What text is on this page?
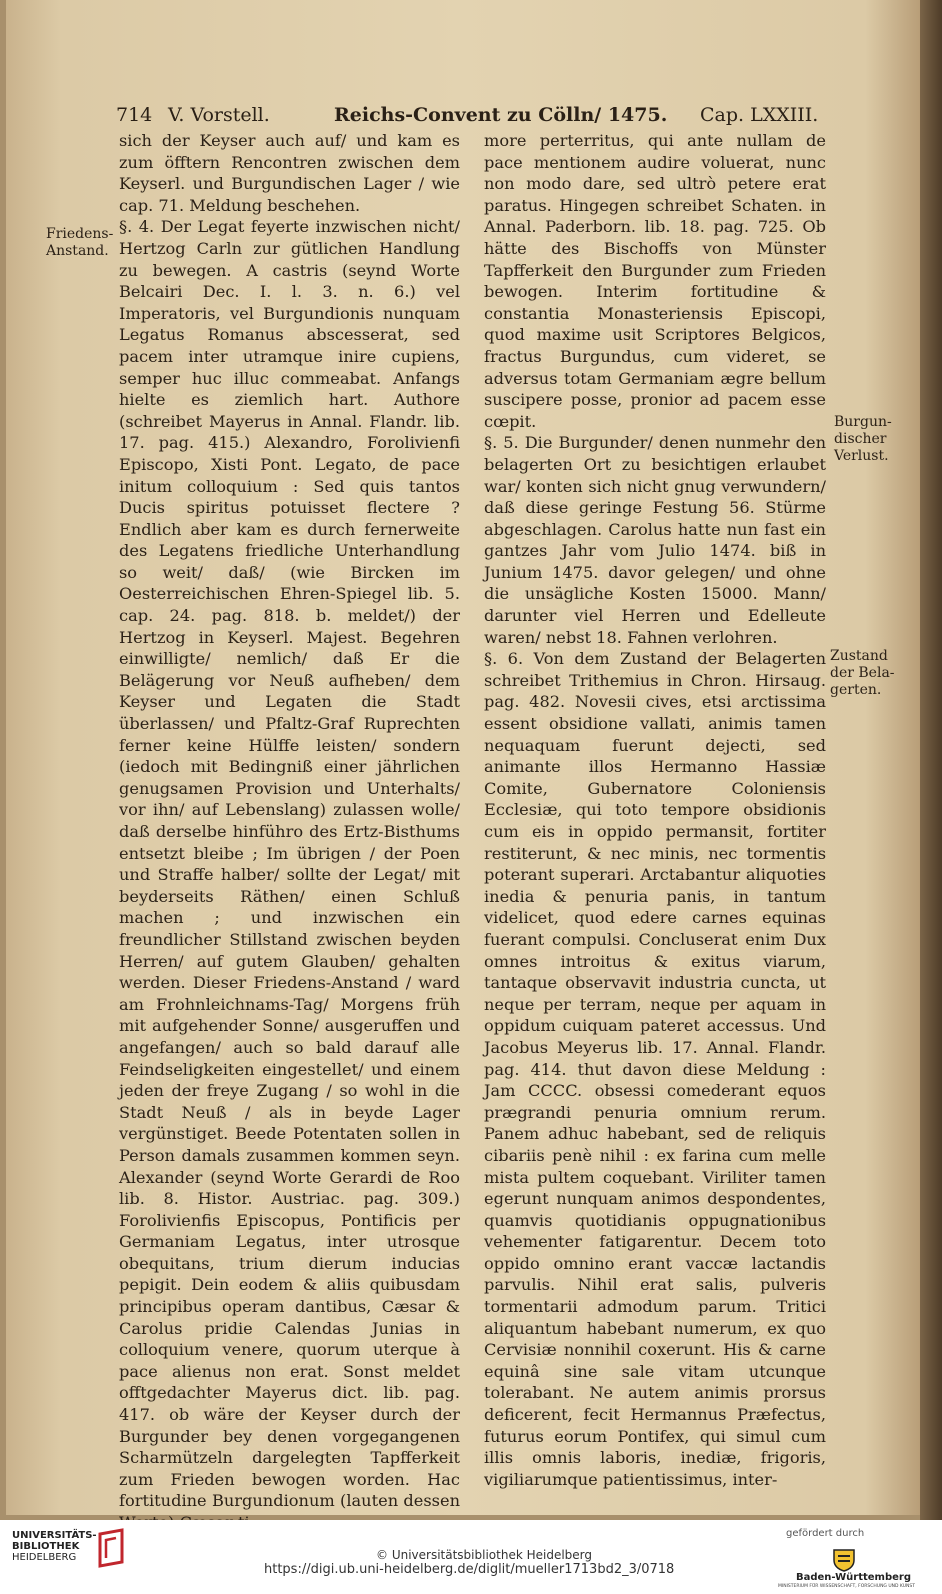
714 V. Vorstell.	Reichs-Convent zu Cölln/ 1475. Cap. LXXIII.

sich der Keyser auch auf/ und kam es zum öfftern Rencontren zwischen dem Keyserl. und Burgundischen Lager / wie cap. 71. Meldung beschehen.

§. 4. Der Legat feyerte inzwischen nicht/ Hertzog Carln zur gütlichen Handlung zu bewegen. A castris (seynd Worte Belcairi Dec. I. l. 3. n. 6.) vel Imperatoris, vel Burgundionis nunquam Legatus Romanus abscesserat, sed pacem inter utramque inire cupiens, semper huc illuc commeabat. Anfangs hielte es ziemlich hart. Authore (schreibet Mayerus in Annal. Flandr. lib. 17. pag. 415.) Alexandro, Forolivienfi Episcopo, Xisti Pont. Legato, de pace initum colloquium : Sed quis tantos Ducis spiritus potuisset flectere ? Endlich aber kam es durch fernerweite des Legatens friedliche Unterhandlung so weit/ daß/ (wie Bircken im Oesterreichischen Ehren-Spiegel lib. 5. cap. 24. pag. 818. b. meldet/) der Hertzog in Keyserl. Majest. Begehren einwilligte/ nemlich/ daß Er die Belägerung vor Neuß aufheben/ dem Keyser und Legaten die Stadt überlassen/ und Pfaltz-Graf Ruprechten ferner keine Hülffe leisten/ sondern (iedoch mit Bedingniß einer jährlichen genugsamen Provision und Unterhalts/ vor ihn/ auf Lebenslang) zulassen wolle/ daß derselbe hinführo des Ertz-Bisthums entsetzt bleibe ; Im übrigen / der Poen und Straffe halber/ sollte der Legat/ mit beyderseits Räthen/ einen Schluß machen ; und inzwischen ein freundlicher Stillstand zwischen beyden Herren/ auf gutem Glauben/ gehalten werden. Dieser Friedens-Anstand / ward am Frohnleichnams-Tag/ Morgens früh mit aufgehender Sonne/ ausgeruffen und angefangen/ auch so bald darauf alle Feindseligkeiten eingestellet/ und einem jeden der freye Zugang / so wohl in die Stadt Neuß / als in beyde Lager vergünstiget. Beede Potentaten sollen in Person damals zusammen kommen seyn. Alexander (seynd Worte Gerardi de Roo lib. 8. Histor. Austriac. pag. 309.) Forolivienfis Episcopus, Pontificis per Germaniam Legatus, inter utrosque obequitans, trium dierum inducias pepigit. Dein eodem & aliis quibusdam principibus operam dantibus, Cæsar & Carolus pridie Calendas Junias in colloquium venere, quorum uterque à pace alienus non erat. Sonst meldet offtgedachter Mayerus dict. lib. pag. 417. ob wäre der Keyser durch der Burgunder bey denen vorgegangenen Scharmützeln dargelegten Tapfferkeit zum Frieden bewogen worden. Hac fortitudine Burgundionum (lauten dessen

more perterritus, qui ante nullam de pace mentionem audire voluerat, nunc non modo dare, sed ultrò petere erat paratus. Hingegen schreibet Schaten. in Annal. Paderborn. lib. 18. pag. 725. Ob hätte des Bischoffs von Münster Tapfferkeit den Burgunder zum Frieden bewogen. Interim fortitudine & constantia Monasteriensis Episcopi, quod maxime usit Scriptores Belgicos, fractus Burgundus, cum videret, se adversus totam Germaniam ægre bellum suscipere posse, pronior ad pacem esse cœpit.

§. 5. Die Burgunder/ denen nunmehr den belagerten Ort zu besichtigen erlaubet war/ konten sich nicht gnug verwundern/ daß diese geringe Festung 56. Stürme abgeschlagen. Carolus hatte nun fast ein gantzes Jahr vom Julio 1474. biß in Junium 1475. davor gelegen/ und ohne die unsägliche Kosten 15000. Mann/ darunter viel Herren und Edelleute waren/ nebst 18. Fahnen verlohren.

§. 6. Von dem Zustand der Belagerten schreibet Trithemius in Chron. Hirsaug. pag. 482. Novesii cives, etsi arctissima essent obsidione vallati, animis tamen nequaquam fuerunt dejecti, sed animante illos Hermanno Hassiæ Comite, Gubernatore Coloniensis Ecclesiæ, qui toto tempore obsidionis cum eis in oppido permansit, fortiter restiterunt, & nec minis, nec tormentis poterant superari. Arctabantur aliquoties inedia & penuria panis, in tantum videlicet, quod edere carnes equinas fuerant compulsi. Concluserat enim Dux omnes introitus & exitus viarum, tantaque observavit industria cuncta, ut neque per terram, neque per aquam in oppidum cuiquam pateret accessus. Und Jacobus Meyerus lib. 17. Annal. Flandr. pag. 414. thut davon diese Meldung : Jam CCCC. obsessi comederant equos prægrandi penuria omnium rerum. Panem adhuc habebant, sed de reliquis cibariis penè nihil : ex farina cum melle mista pultem coquebant. Viriliter tamen egerunt nunquam animos despondentes, quamvis quotidianis oppugnationibus vehementer fatigarentur. Decem toto oppido omnino erant vaccæ lactandis parvulis. Nihil erat salis, pulveris tormentarii admodum parum. Tritici aliquantum habebant numerum, ex quo Cervisiæ nonnihil coxerunt. His & carne equinâ sine sale vitam utcunque tolerabant. Ne autem animis prorsus deficerent, fecit Hermannus Præfectus, futurus eorum Pontifex, qui simul cum illis omnis laboris, inediæ, frigoris, vigiliarumque patientissimus, inter-

Friedens-
Anstand.
Burgun-
discher
Verlust.
Zustand
der Bela-
gerten.
UNIVERSITÄTS-
BIBLIOTHEK
HEIDELBERG	© Universitätsbibliothek Heidelberg
https://digi.ub.uni-heidelberg.de/diglit/mueller1713bd2_3/0718
gefördert durch
Baden-Württemberg
MINISTERIUM FÜR WISSENSCHAFT, FORSCHUNG UND KUNST
